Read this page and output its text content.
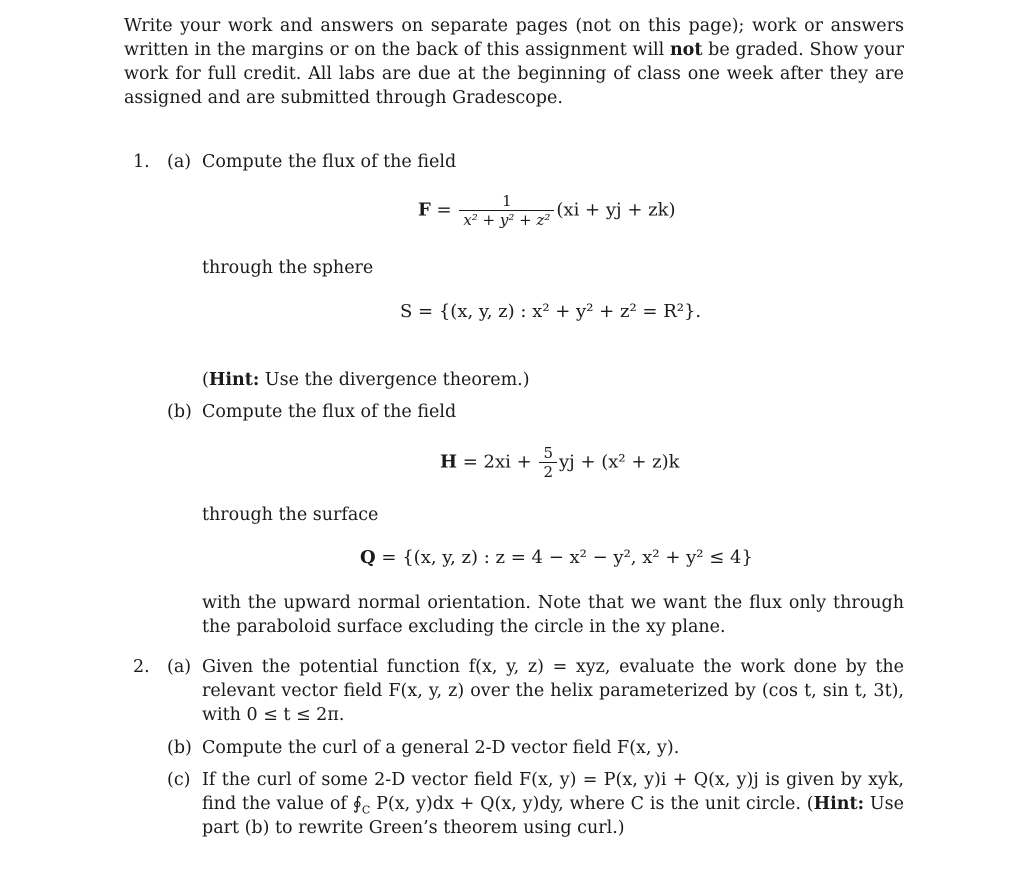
Write your work and answers on separate pages (not on this page); work or answers written in the margins or on the back of this assignment will not be graded. Show your work for full credit. All labs are due at the beginning of class one week after they are assigned and are submitted through Gradescope.
1. (a) Compute the flux of the field
$F = \frac{1}{\text{x² + y² + z²}} (xi$ + yj + zk)
through the sphere
S = {(x, y, z) : x² + y² + z² = R²}.
(Hint: Use the divergence theorem.)
(b) Compute the flux of the field
$H = 2xi + \frac{5}{2}$ yj + (x² + z)k
through the surface
Q = {(x, y, z) : z = 4 − x² − y², x² + y² ≤ 4}
with the upward normal orientation. Note that we want the flux only through the paraboloid surface excluding the circle in the xy plane.
2. (a) Given the potential function f(x, y, z) = xyz, evaluate the work done by the relevant vector field F(x, y, z) over the helix parameterized by (cos t, sin t, 3t), with 0 ≤ t ≤ 2π.
(b) Compute the curl of a general 2-D vector field F(x, y).
(c) If the curl of some 2-D vector field F(x, y) = P(x, y)i + Q(x, y)j is given by xyk, find the value of $∮_C$ P(x, y)dx + Q(x, y)dy, where C is the unit circle. (Hint: Use part (b) to rewrite Green’s theorem using curl.)
